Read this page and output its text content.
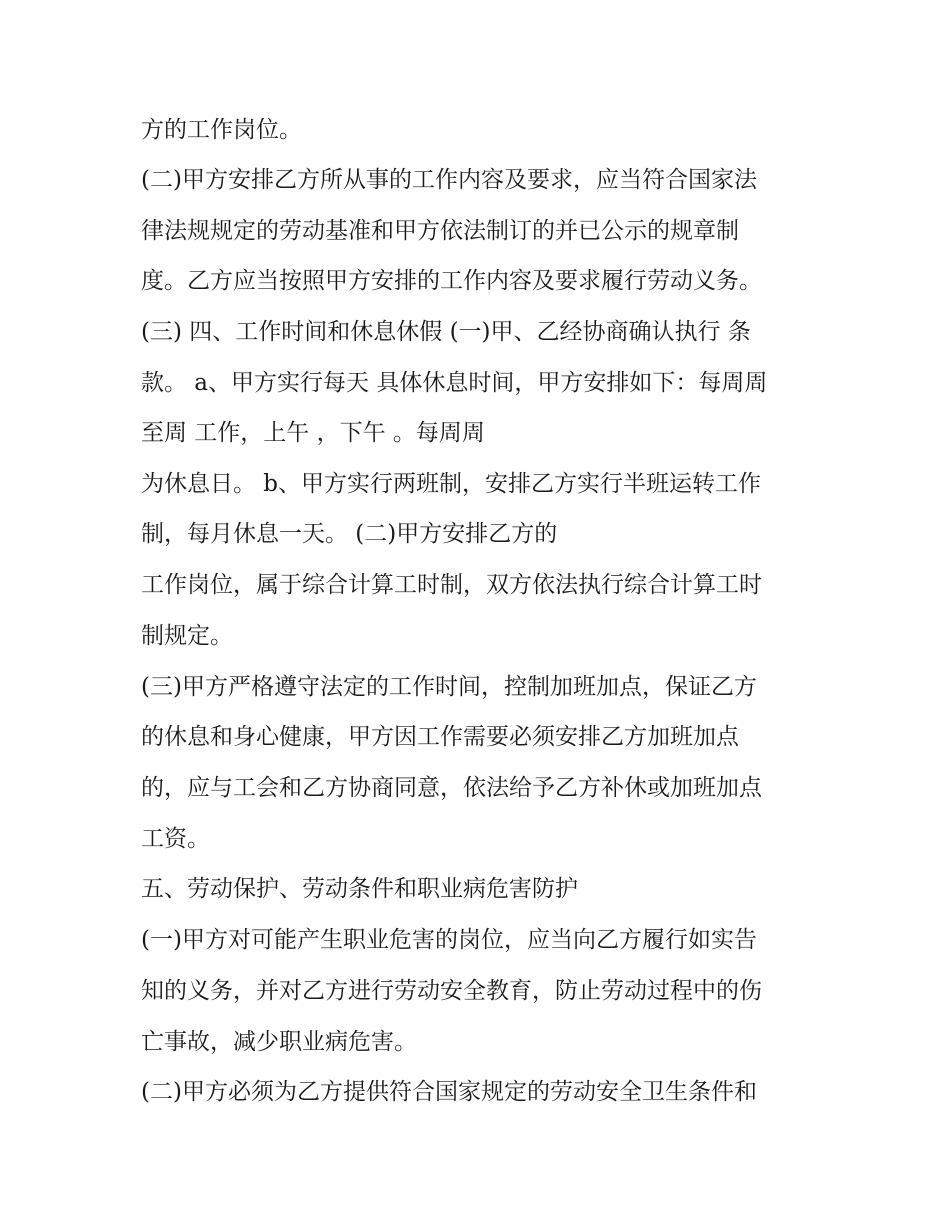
方的工作岗位。
(二)甲方安排乙方所从事的工作内容及要求，应当符合国家法
律法规规定的劳动基准和甲方依法制订的并已公示的规章制
度。乙方应当按照甲方安排的工作内容及要求履行劳动义务。
(三) 四、工作时间和休息休假 (一)甲、乙经协商确认执行 条
款。 a、甲方实行每天 具体休息时间，甲方安排如下：每周周
至周 工作，上午 ，下午 。每周周
为休息日。 b、甲方实行两班制，安排乙方实行半班运转工作
制，每月休息一天。 (二)甲方安排乙方的
工作岗位，属于综合计算工时制，双方依法执行综合计算工时
制规定。
(三)甲方严格遵守法定的工作时间，控制加班加点，保证乙方
的休息和身心健康，甲方因工作需要必须安排乙方加班加点
的，应与工会和乙方协商同意，依法给予乙方补休或加班加点
工资。
五、劳动保护、劳动条件和职业病危害防护
(一)甲方对可能产生职业危害的岗位，应当向乙方履行如实告
知的义务，并对乙方进行劳动安全教育，防止劳动过程中的伤
亡事故，减少职业病危害。
(二)甲方必须为乙方提供符合国家规定的劳动安全卫生条件和
